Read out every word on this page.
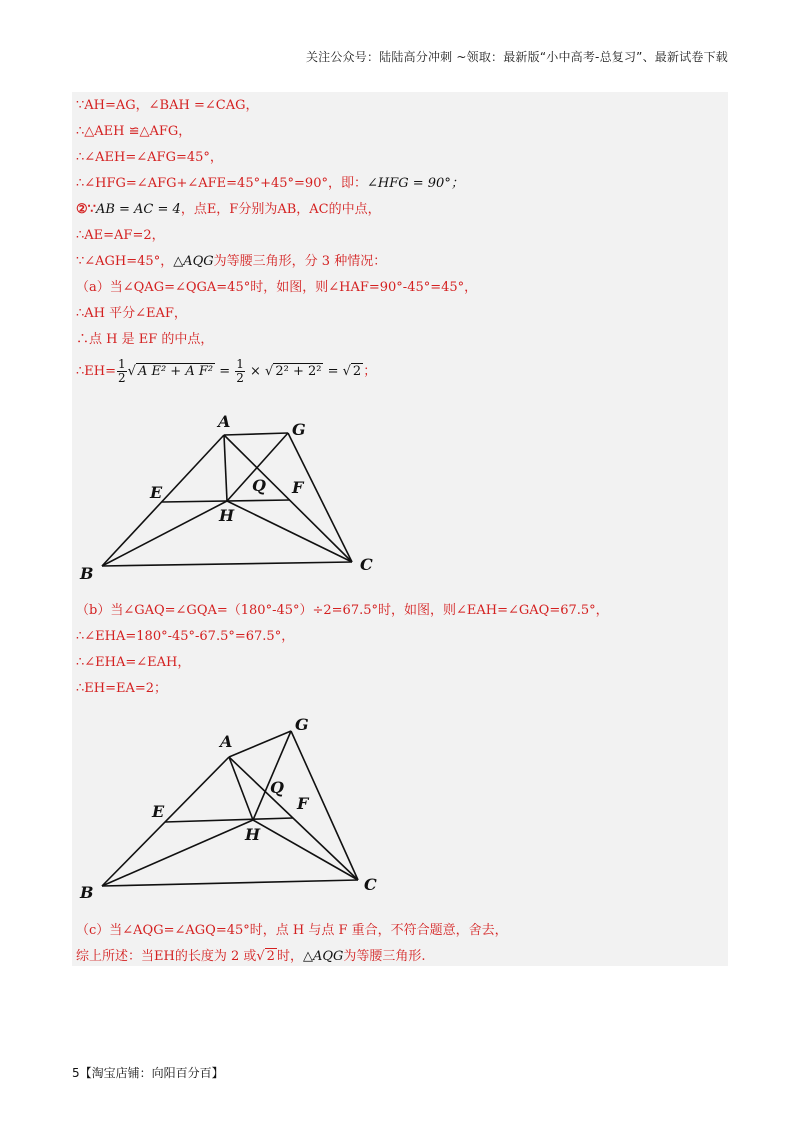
关注公众号：陆陆高分冲刺 ~领取：最新版“小中高考-总复习”、最新试卷下载
∵AH=AG，∠BAH =∠CAG，
∴△AEH ≌△AFG，
∴∠AEH=∠AFG=45°，
∴∠HFG=∠AFG+∠AFE=45°+45°=90°，即：∠HFG = 90°；
②∵AB = AC = 4，点E，F分别为AB，AC的中点，
∴AE=AF=2，
∵∠AGH=45°，△AQG为等腰三角形，分 3 种情况：
（a）当∠QAG=∠QGA=45°时，如图，则∠HAF=90°-45°=45°，
∴AH 平分∠EAF，
∴点 H 是 EF 的中点，
∴EH= $\frac{1}{2}$ √ A E² + A $F^2 = \frac{1}{2}$ × √ 2² + 2² = √ 2 ；
A	G
E	Q F
H
B	C
（b）当∠GAQ=∠GQA=（180°-45°）÷2=67.5°时，如图，则∠EAH=∠GAQ=67.5°，
∴∠EHA=180°-45°-67.5°=67.5°，
∴∠EHA=∠EAH，
∴EH=EA=2；
A
G
E
Q
F
H
B	C
（c）当∠AQG=∠AGQ=45°时，点 H 与点 F 重合，不符合题意，舍去，
综上所述：当EH的长度为 2 或√ 2 时，△AQG为等腰三角形.
5【淘宝店铺：向阳百分百】
